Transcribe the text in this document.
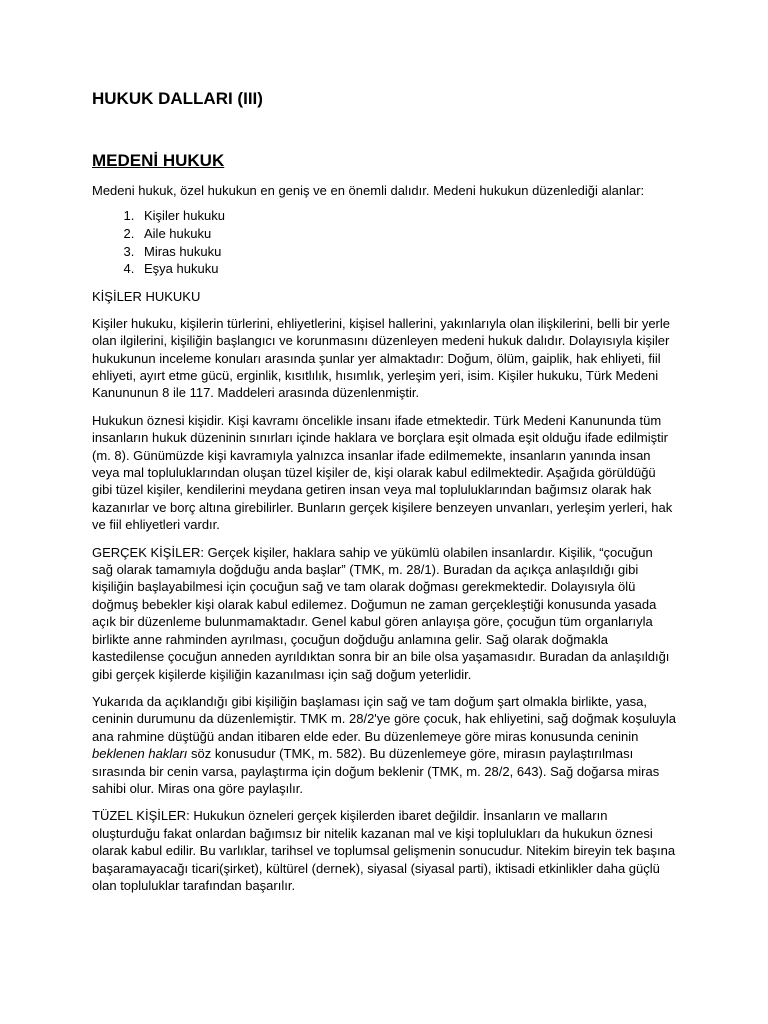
HUKUK DALLARI (III)
MEDENİ HUKUK

Medeni hukuk, özel hukukun en geniş ve en önemli dalıdır. Medeni hukukun düzenlediği alanlar:

1. Kişiler hukuku
2. Aile hukuku
3. Miras hukuku
4. Eşya hukuku
KİŞİLER HUKUKU

Kişiler hukuku, kişilerin türlerini, ehliyetlerini, kişisel hallerini, yakınlarıyla olan ilişkilerini, belli bir yerle olan ilgilerini, kişiliğin başlangıcı ve korunmasını düzenleyen medeni hukuk dalıdır. Dolayısıyla kişiler hukukunun inceleme konuları arasında şunlar yer almaktadır: Doğum, ölüm, gaiplik, hak ehliyeti, fiil ehliyeti, ayırt etme gücü, erginlik, kısıtlılık, hısımlık, yerleşim yeri, isim. Kişiler hukuku, Türk Medeni Kanununun 8 ile 117. Maddeleri arasında düzenlenmiştir.

Hukukun öznesi kişidir. Kişi kavramı öncelikle insanı ifade etmektedir. Türk Medeni Kanununda tüm insanların hukuk düzeninin sınırları içinde haklara ve borçlara eşit olmada eşit olduğu ifade edilmiştir (m. 8). Günümüzde kişi kavramıyla yalnızca insanlar ifade edilmemekte, insanların yanında insan veya mal topluluklarından oluşan tüzel kişiler de, kişi olarak kabul edilmektedir. Aşağıda görüldüğü gibi tüzel kişiler, kendilerini meydana getiren insan veya mal topluluklarından bağımsız olarak hak kazanırlar ve borç altına girebilirler. Bunların gerçek kişilere benzeyen unvanları, yerleşim yerleri, hak ve fiil ehliyetleri vardır.

GERÇEK KİŞİLER: Gerçek kişiler, haklara sahip ve yükümlü olabilen insanlardır. Kişilik, “çocuğun sağ olarak tamamıyla doğduğu anda başlar” (TMK, m. 28/1). Buradan da açıkça anlaşıldığı gibi kişiliğin başlayabilmesi için çocuğun sağ ve tam olarak doğması gerekmektedir. Dolayısıyla ölü doğmuş bebekler kişi olarak kabul edilemez. Doğumun ne zaman gerçekleştiği konusunda yasada açık bir düzenleme bulunmamaktadır. Genel kabul gören anlayışa göre, çocuğun tüm organlarıyla birlikte anne rahminden ayrılması, çocuğun doğduğu anlamına gelir. Sağ olarak doğmakla kastedilense çocuğun anneden ayrıldıktan sonra bir an bile olsa yaşamasıdır. Buradan da anlaşıldığı gibi gerçek kişilerde kişiliğin kazanılması için sağ doğum yeterlidir.

Yukarıda da açıklandığı gibi kişiliğin başlaması için sağ ve tam doğum şart olmakla birlikte, yasa, ceninin durumunu da düzenlemiştir. TMK m. 28/2'ye göre çocuk, hak ehliyetini, sağ doğmak koşuluyla ana rahmine düştüğü andan itibaren elde eder. Bu düzenlemeye göre miras konusunda ceninin beklenen hakları söz konusudur (TMK, m. 582). Bu düzenlemeye göre, mirasın paylaştırılması sırasında bir cenin varsa, paylaştırma için doğum beklenir (TMK, m. 28/2, 643). Sağ doğarsa miras sahibi olur. Miras ona göre paylaşılır.

TÜZEL KİŞİLER: Hukukun özneleri gerçek kişilerden ibaret değildir. İnsanların ve malların oluşturduğu fakat onlardan bağımsız bir nitelik kazanan mal ve kişi toplulukları da hukukun öznesi olarak kabul edilir. Bu varlıklar, tarihsel ve toplumsal gelişmenin sonucudur. Nitekim bireyin tek başına başaramayacağı ticari(şirket), kültürel (dernek), siyasal (siyasal parti), iktisadi etkinlikler daha güçlü olan topluluklar tarafından başarılır.
